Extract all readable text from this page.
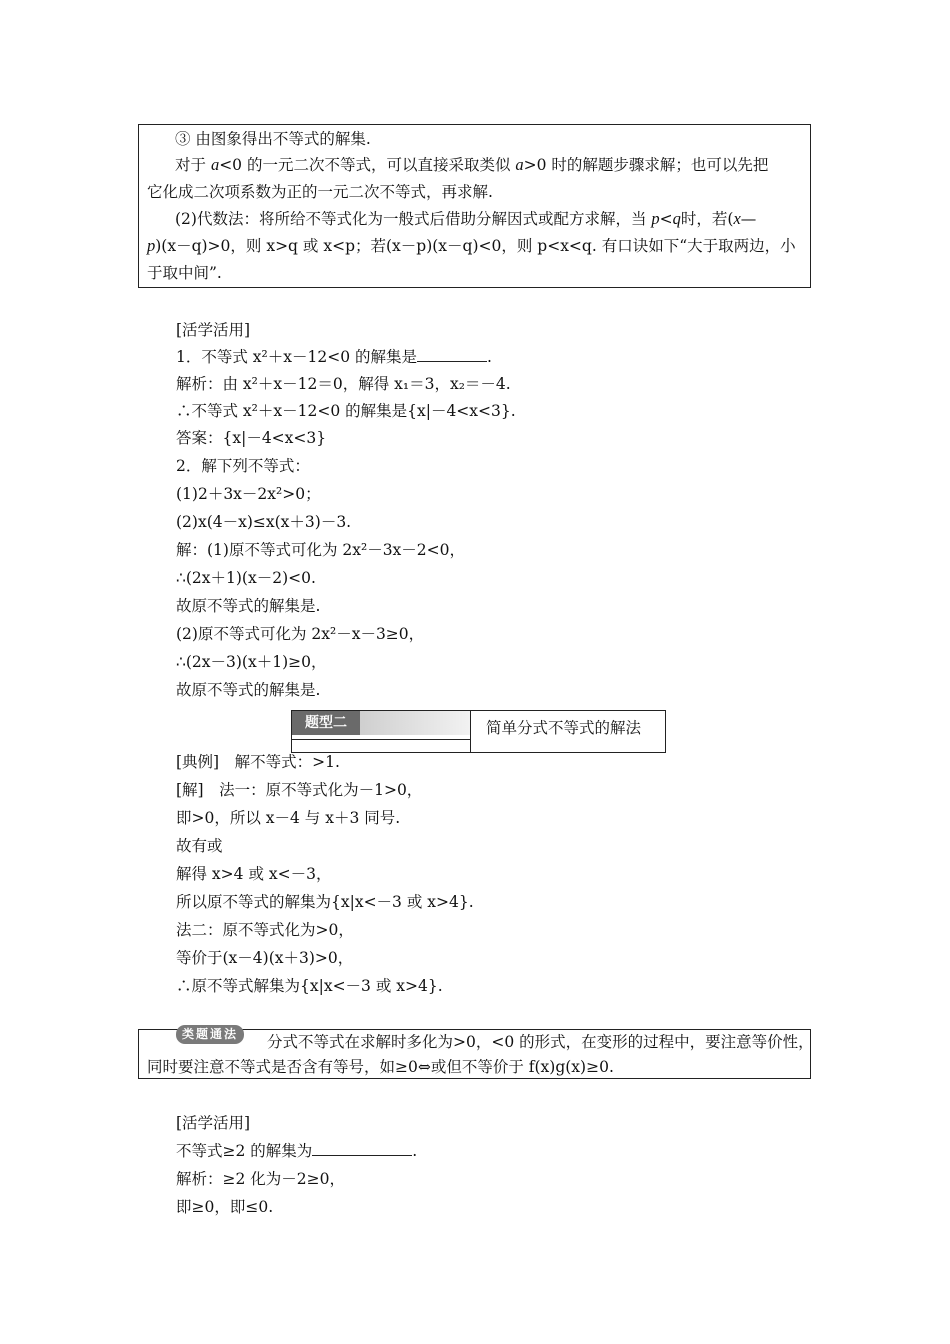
③ 由图象得出不等式的解集.
对于 a<0 的一元二次不等式，可以直接采取类似 a>0 时的解题步骤求解；也可以先把
它化成二次项系数为正的一元二次不等式，再求解.
(2)代数法：将所给不等式化为一般式后借助分解因式或配方求解，当 p<q时，若(x—
p)(x－q)>0，则 x>q 或 x<p；若(x－p)(x－q)<0，则 p<x<q. 有口诀如下“大于取两边，小
于取中间”.
[活学活用]
1．不等式 x²＋x－12<0 的解集是	.
解析：由 x²＋x－12＝0，解得 x₁＝3，x₂＝－4.
∴不等式 x²＋x－12<0 的解集是{x|－4<x<3}.
答案：{x|－4<x<3}
2．解下列不等式：
(1)2＋3x－2x²>0；
(2)x(4－x)≤x(x＋3)－3.
解：(1)原不等式可化为 2x²－3x－2<0，
∴(2x＋1)(x－2)<0.
故原不等式的解集是.
(2)原不等式可化为 2x²－x－3≥0，
∴(2x－3)(x＋1)≥0，
故原不等式的解集是.
题型二	简单分式不等式的解法
[典例]　解不等式：>1.
[解]　法一：原不等式化为－1>0，
即>0，所以 x－4 与 x＋3 同号.
故有或
解得 x>4 或 x<－3，
所以原不等式的解集为{x|x<－3 或 x>4}.
法二：原不等式化为>0，
等价于(x－4)(x＋3)>0，
∴原不等式解集为{x|x<－3 或 x>4}.
分式不等式在求解时多化为>0，<0 的形式，在变形的过程中，要注意等价性，
同时要注意不等式是否含有等号，如≥0⇔或但不等价于 f(x)g(x)≥0.
类题通法
[活学活用]
不等式≥2 的解集为	.
解析：≥2 化为－2≥0，
即≥0，即≤0.
